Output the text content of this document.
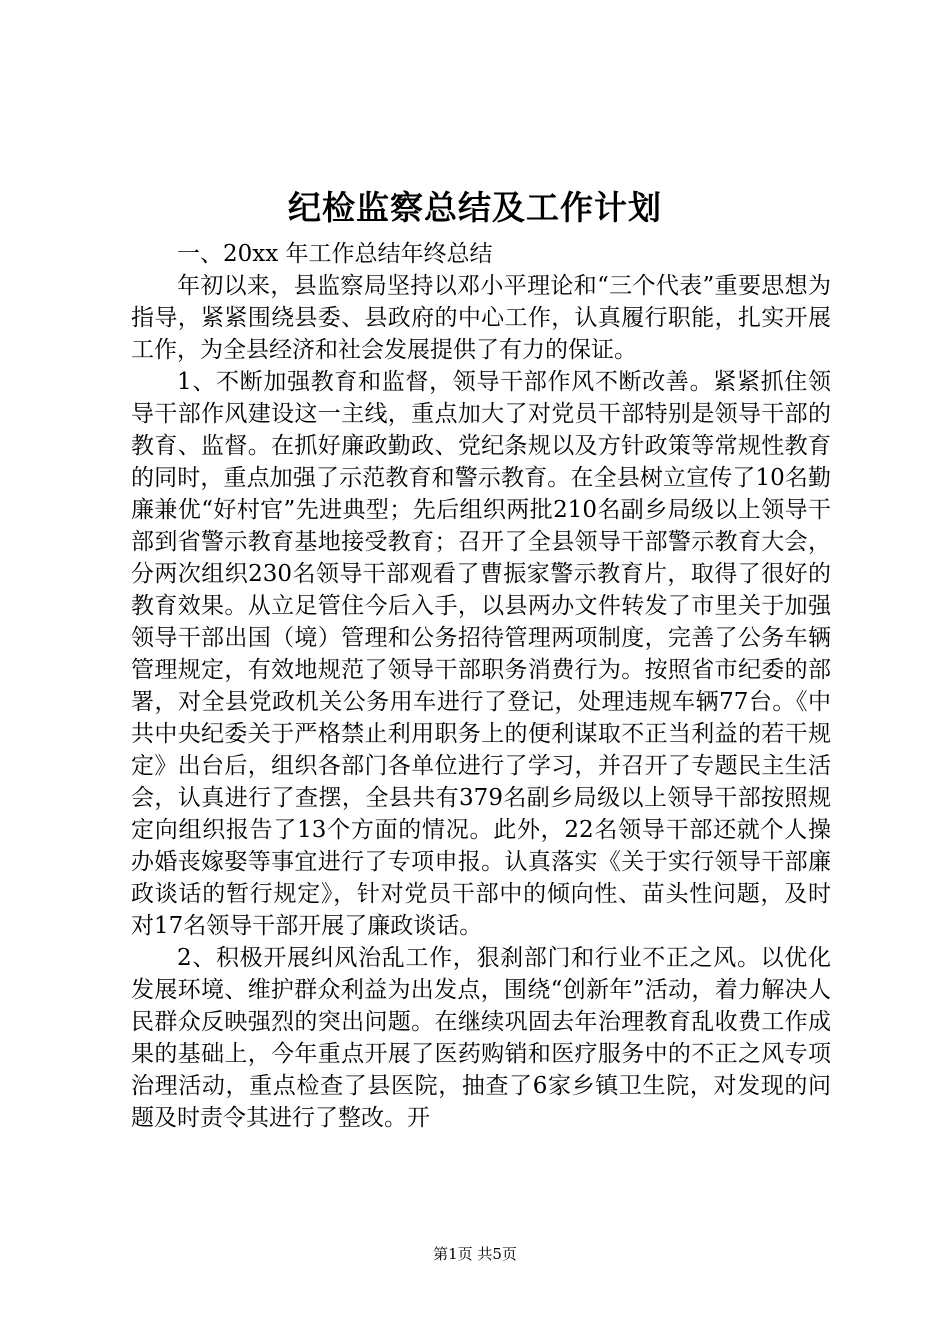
纪检监察总结及工作计划

一、20xx 年工作总结年终总结

年初以来，县监察局坚持以邓小平理论和“三个代表”重要思想为指导，紧紧围绕县委、县政府的中心工作，认真履行职能，扎实开展工作，为全县经济和社会发展提供了有力的保证。

1、不断加强教育和监督，领导干部作风不断改善。紧紧抓住领导干部作风建设这一主线，重点加大了对党员干部特别是领导干部的教育、监督。在抓好廉政勤政、党纪条规以及方针政策等常规性教育的同时，重点加强了示范教育和警示教育。在全县树立宣传了10名勤廉兼优“好村官”先进典型；先后组织两批210名副乡局级以上领导干部到省警示教育基地接受教育；召开了全县领导干部警示教育大会，分两次组织230名领导干部观看了曹振家警示教育片，取得了很好的教育效果。从立足管住今后入手，以县两办文件转发了市里关于加强领导干部出国（境）管理和公务招待管理两项制度，完善了公务车辆管理规定，有效地规范了领导干部职务消费行为。按照省市纪委的部署，对全县党政机关公务用车进行了登记，处理违规车辆77台。《中共中央纪委关于严格禁止利用职务上的便利谋取不正当利益的若干规定》出台后，组织各部门各单位进行了学习，并召开了专题民主生活会，认真进行了查摆，全县共有379名副乡局级以上领导干部按照规定向组织报告了13个方面的情况。此外，22名领导干部还就个人操办婚丧嫁娶等事宜进行了专项申报。认真落实《关于实行领导干部廉政谈话的暂行规定》，针对党员干部中的倾向性、苗头性问题，及时对17名领导干部开展了廉政谈话。

2、积极开展纠风治乱工作，狠刹部门和行业不正之风。以优化发展环境、维护群众利益为出发点，围绕“创新年”活动，着力解决人民群众反映强烈的突出问题。在继续巩固去年治理教育乱收费工作成果的基础上，今年重点开展了医药购销和医疗服务中的不正之风专项治理活动，重点检查了县医院，抽查了6家乡镇卫生院，对发现的问题及时责令其进行了整改。开

第1页 共5页
